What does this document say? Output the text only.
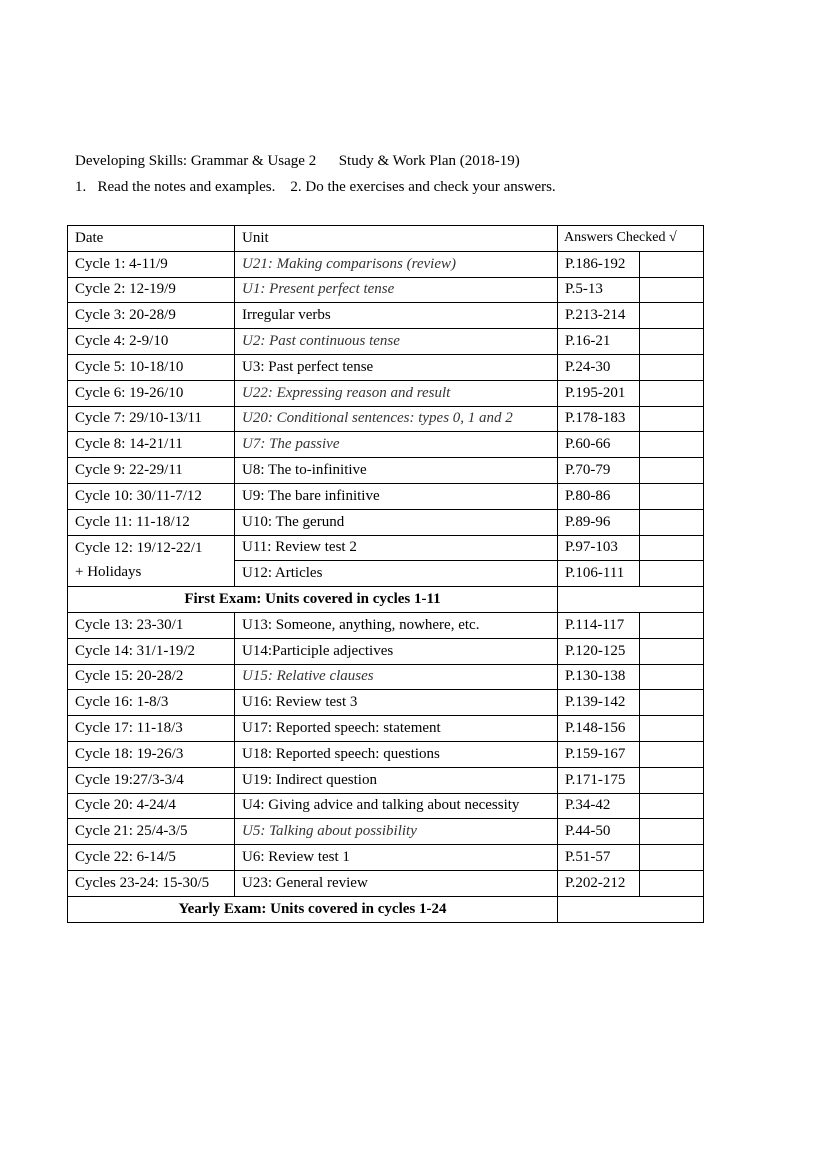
Developing Skills: Grammar & Usage 2      Study & Work Plan (2018-19)
1.   Read the notes and examples.    2. Do the exercises and check your answers.
Date	Unit	Answers Checked √	
Cycle 1: 4-11/9	U21: Making comparisons (review)	P.186-192	
Cycle 2: 12-19/9	U1: Present perfect tense	P.5-13	
Cycle 3: 20-28/9	Irregular verbs	P.213-214	
Cycle 4: 2-9/10	U2: Past continuous tense	P.16-21	
Cycle 5: 10-18/10	U3: Past perfect tense	P.24-30	
Cycle 6: 19-26/10	U22: Expressing reason and result	P.195-201	
Cycle 7: 29/10-13/11	U20: Conditional sentences: types 0, 1 and 2	P.178-183	
Cycle 8: 14-21/11	U7: The passive	P.60-66	
Cycle 9: 22-29/11	U8: The to-infinitive	P.70-79	
Cycle 10: 30/11-7/12	U9: The bare infinitive	P.80-86	
Cycle 11: 11-18/12	U10: The gerund	P.89-96	

Cycle 12: 19/12-22/1
+ Holidays	U11: Review test 2	P.97-103	
	U12: Articles	P.106-111	
First Exam: Units covered in cycles 1-11			
Cycle 13: 23-30/1	U13: Someone, anything, nowhere, etc.	P.114-117	
Cycle 14: 31/1-19/2	U14:Participle adjectives	P.120-125	
Cycle 15: 20-28/2	U15: Relative clauses	P.130-138	
Cycle 16: 1-8/3	U16: Review test 3	P.139-142	
Cycle 17: 11-18/3	U17: Reported speech: statement	P.148-156	
Cycle 18: 19-26/3	U18: Reported speech: questions	P.159-167	
Cycle 19:27/3-3/4	U19: Indirect question	P.171-175	
Cycle 20: 4-24/4	U4: Giving advice and talking about necessity	P.34-42	
Cycle 21: 25/4-3/5	U5: Talking about possibility	P.44-50	
Cycle 22: 6-14/5	U6: Review test 1	P.51-57	
Cycles 23-24: 15-30/5	U23: General review	P.202-212	
Yearly Exam: Units covered in cycles 1-24			
